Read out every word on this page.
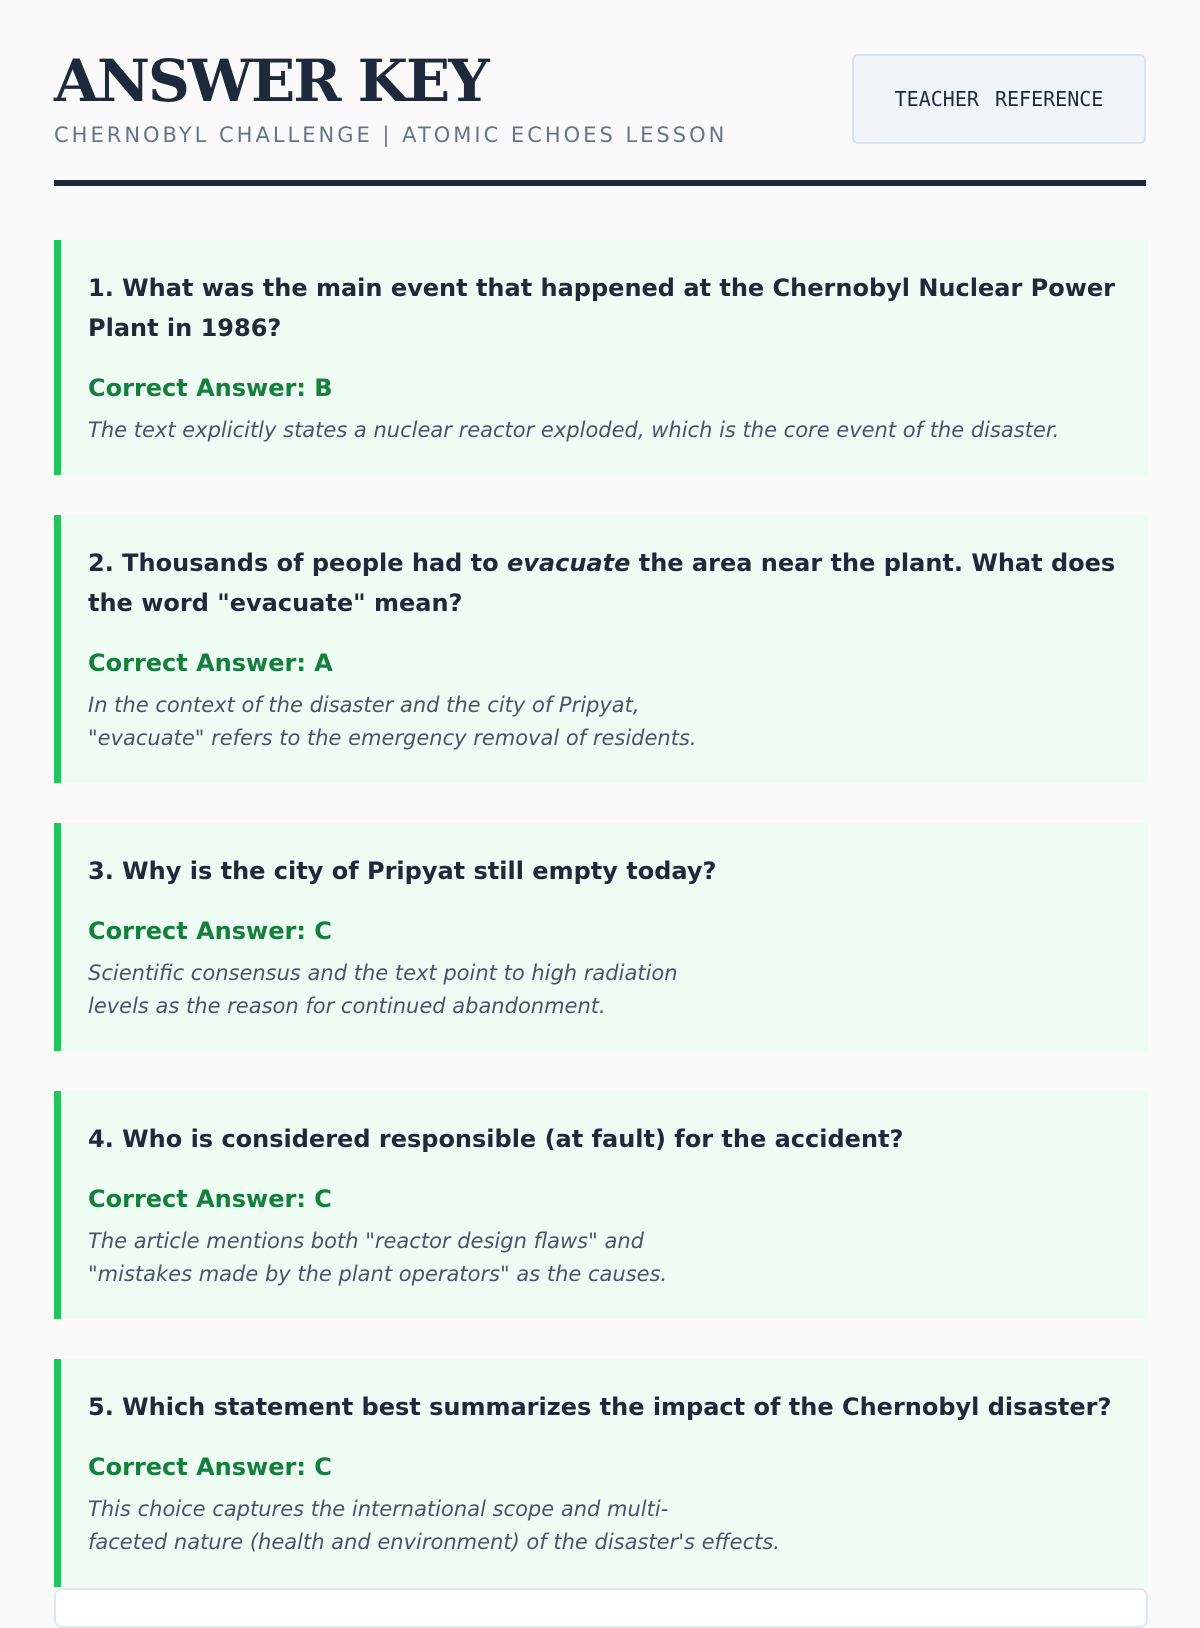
ANSWER KEY
CHERNOBYL CHALLENGE | ATOMIC ECHOES LESSON
TEACHER REFERENCE

1. What was the main event that happened at the Chernobyl Nuclear Power Plant in 1986?

Correct Answer: B

The text explicitly states a nuclear reactor exploded, which is the core event of the disaster.

2. Thousands of people had to evacuate the area near the plant. What does the word "evacuate" mean?

Correct Answer: A

In the context of the disaster and the city of Pripyat,
"evacuate" refers to the emergency removal of residents.

3. Why is the city of Pripyat still empty today?

Correct Answer: C

Scientific consensus and the text point to high radiation
levels as the reason for continued abandonment.

4. Who is considered responsible (at fault) for the accident?

Correct Answer: C

The article mentions both "reactor design flaws" and
"mistakes made by the plant operators" as the causes.

5. Which statement best summarizes the impact of the Chernobyl disaster?

Correct Answer: C

This choice captures the international scope and multi-
faceted nature (health and environment) of the disaster's effects.
